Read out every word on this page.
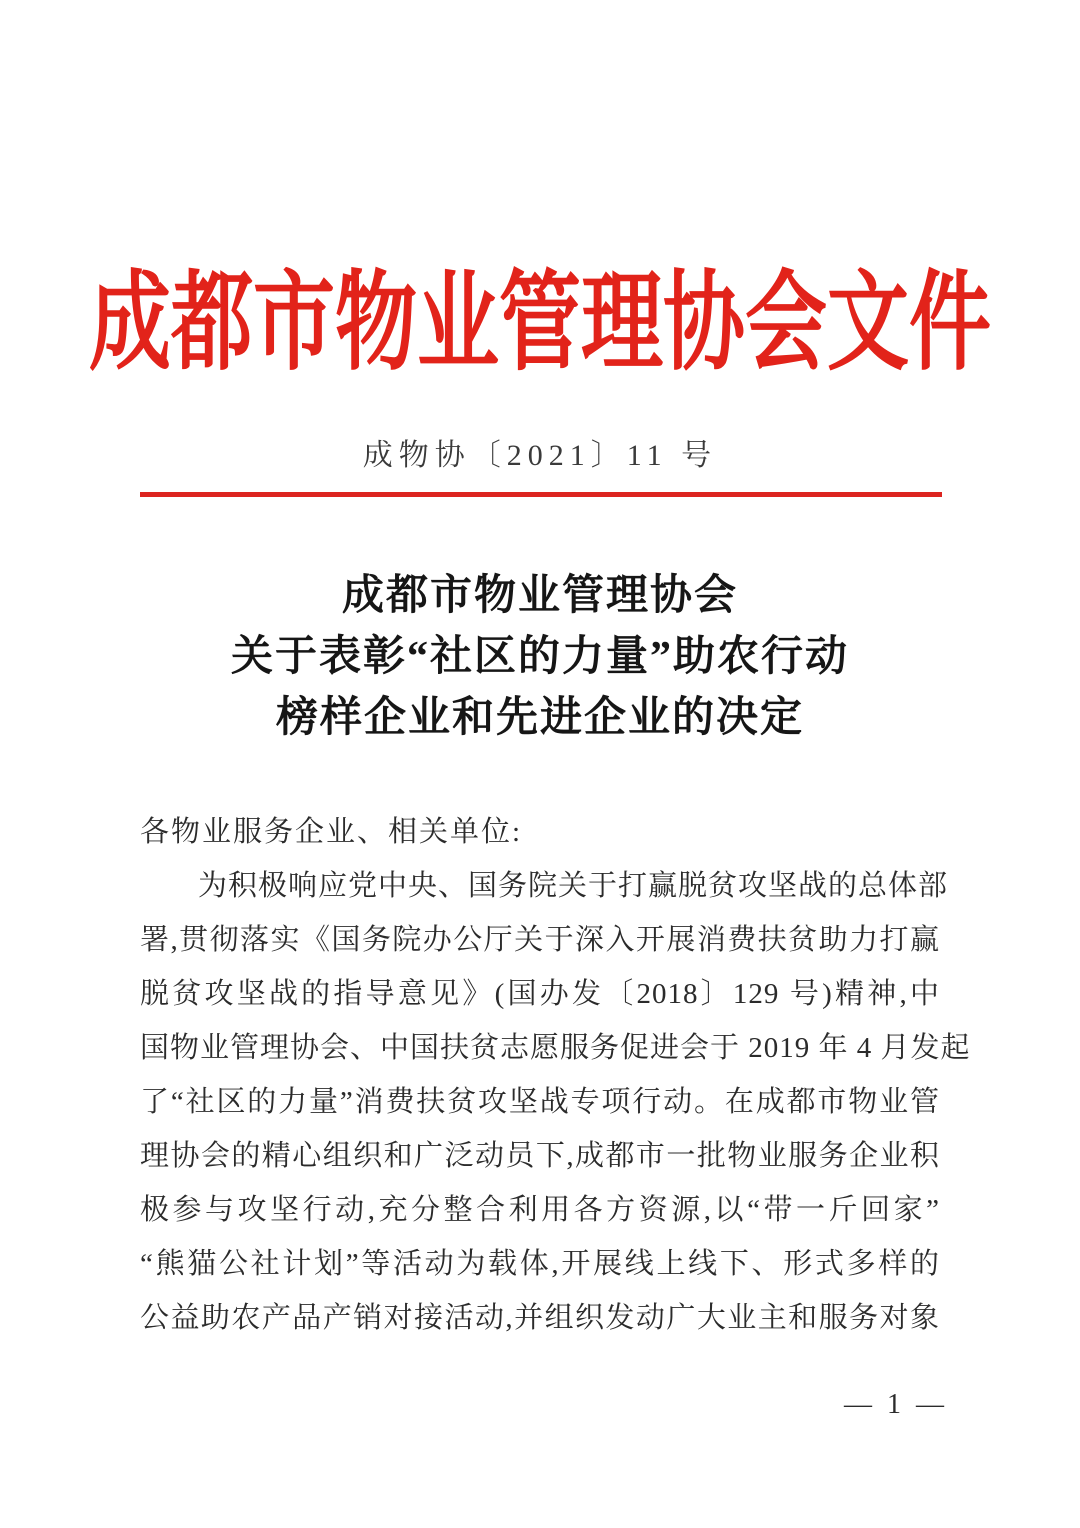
成都市物业管理协会文件
成物协〔2021〕11 号
成都市物业管理协会
关于表彰“社区的力量”助农行动
榜样企业和先进企业的决定
各物业服务企业、相关单位:
为积极响应党中央、国务院关于打赢脱贫攻坚战的总体部
署,贯彻落实《国务院办公厅关于深入开展消费扶贫助力打赢
脱贫攻坚战的指导意见》(国办发〔2018〕129 号)精神,中
国物业管理协会、中国扶贫志愿服务促进会于 2019 年 4 月发起
了“社区的力量”消费扶贫攻坚战专项行动。在成都市物业管
理协会的精心组织和广泛动员下,成都市一批物业服务企业积
极参与攻坚行动,充分整合利用各方资源,以“带一斤回家”
“熊猫公社计划”等活动为载体,开展线上线下、形式多样的
公益助农产品产销对接活动,并组织发动广大业主和服务对象
— 1 —
